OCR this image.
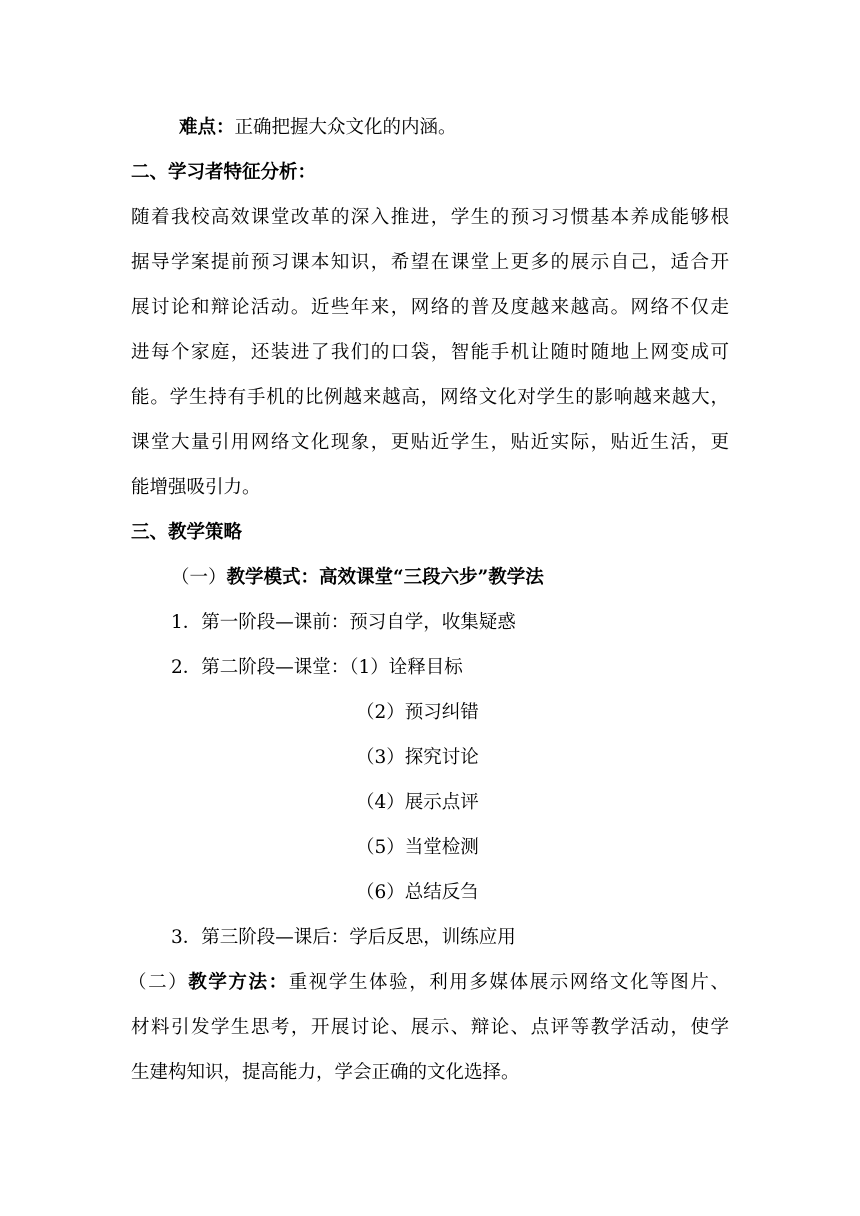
难点：正确把握大众文化的内涵。
二、学习者特征分析：
随着我校高效课堂改革的深入推进，学生的预习习惯基本养成能够根
据导学案提前预习课本知识，希望在课堂上更多的展示自己，适合开
展讨论和辩论活动。近些年来，网络的普及度越来越高。网络不仅走
进每个家庭，还装进了我们的口袋，智能手机让随时随地上网变成可
能。学生持有手机的比例越来越高，网络文化对学生的影响越来越大，
课堂大量引用网络文化现象，更贴近学生，贴近实际，贴近生活，更
能增强吸引力。
三、教学策略
（一）教学模式：高效课堂“三段六步”教学法
1．第一阶段—课前：预习自学，收集疑惑
2．第二阶段—课堂：（1）诠释目标
（2）预习纠错
（3）探究讨论
（4）展示点评
（5）当堂检测
（6）总结反刍
3．第三阶段—课后：学后反思，训练应用
（二）教学方法：重视学生体验，利用多媒体展示网络文化等图片、
材料引发学生思考，开展讨论、展示、辩论、点评等教学活动，使学
生建构知识，提高能力，学会正确的文化选择。
